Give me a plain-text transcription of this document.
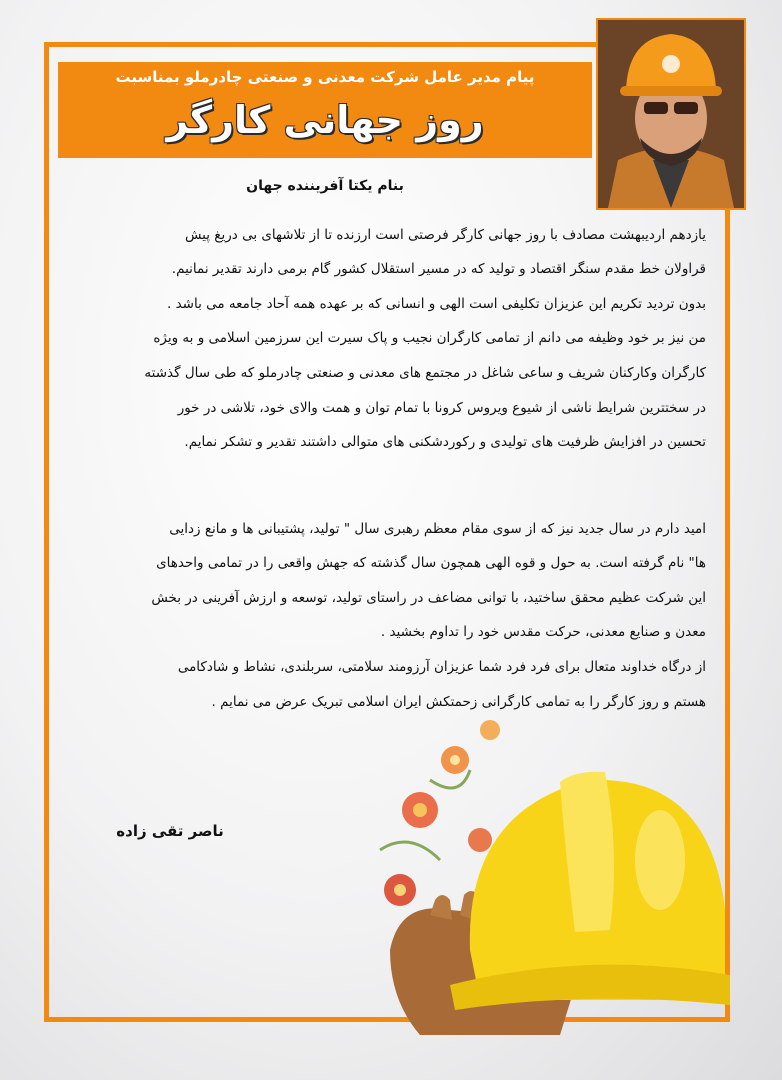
پیام مدیر عامل شرکت معدنی و صنعتی چادرملو بمناسبت
روز جهانی کارگر
بنام یکتا آفریننده جهان
یازدهم اردیبهشت مصادف با روز جهانی کارگر فرصتی است ارزنده تا از تلاشهای بی دریغ پیش
قراولان خط مقدم سنگر اقتصاد و تولید که در مسیر استقلال کشور گام برمی دارند تقدیر نمانیم.
بدون تردید تکریم این عزیزان تکلیفی است الهی و انسانی که بر عهده همه آحاد جامعه می باشد .
من نیز بر خود وظیفه می دانم از تمامی کارگران نجیب و پاک سیرت این سرزمین اسلامی و به ویژه
کارگران وکارکنان شریف و ساعی شاغل در مجتمع های معدنی و صنعتی چادرملو که طی سال گذشته
در سختترین شرایط ناشی از شیوع ویروس کرونا با تمام توان و همت والای خود، تلاشی در خور
تحسین در افزایش ظرفیت های تولیدی و رکوردشکنی های متوالی داشتند تقدیر و تشکر نمایم.
امید دارم در سال جدید نیز که از سوی مقام معظم رهبری سال " تولید، پشتیبانی ها و مانع زدایی
ها" نام گرفته است. به حول و قوه الهی همچون سال گذشته که جهش واقعی را در تمامی واحدهای
این شرکت عظیم محقق ساختید، با توانی مضاعف در راستای تولید، توسعه و ارزش آفرینی در بخش
معدن و صنایع معدنی، حرکت مقدس خود را تداوم بخشید .
از درگاه خداوند متعال برای فرد فرد شما عزیزان آرزومند سلامتی، سربلندی، نشاط و شادکامی
هستم و روز کارگر را به تمامی کارگرانی زحمتکش ایران اسلامی تبریک عرض می نمایم .
ناصر تقی زاده
